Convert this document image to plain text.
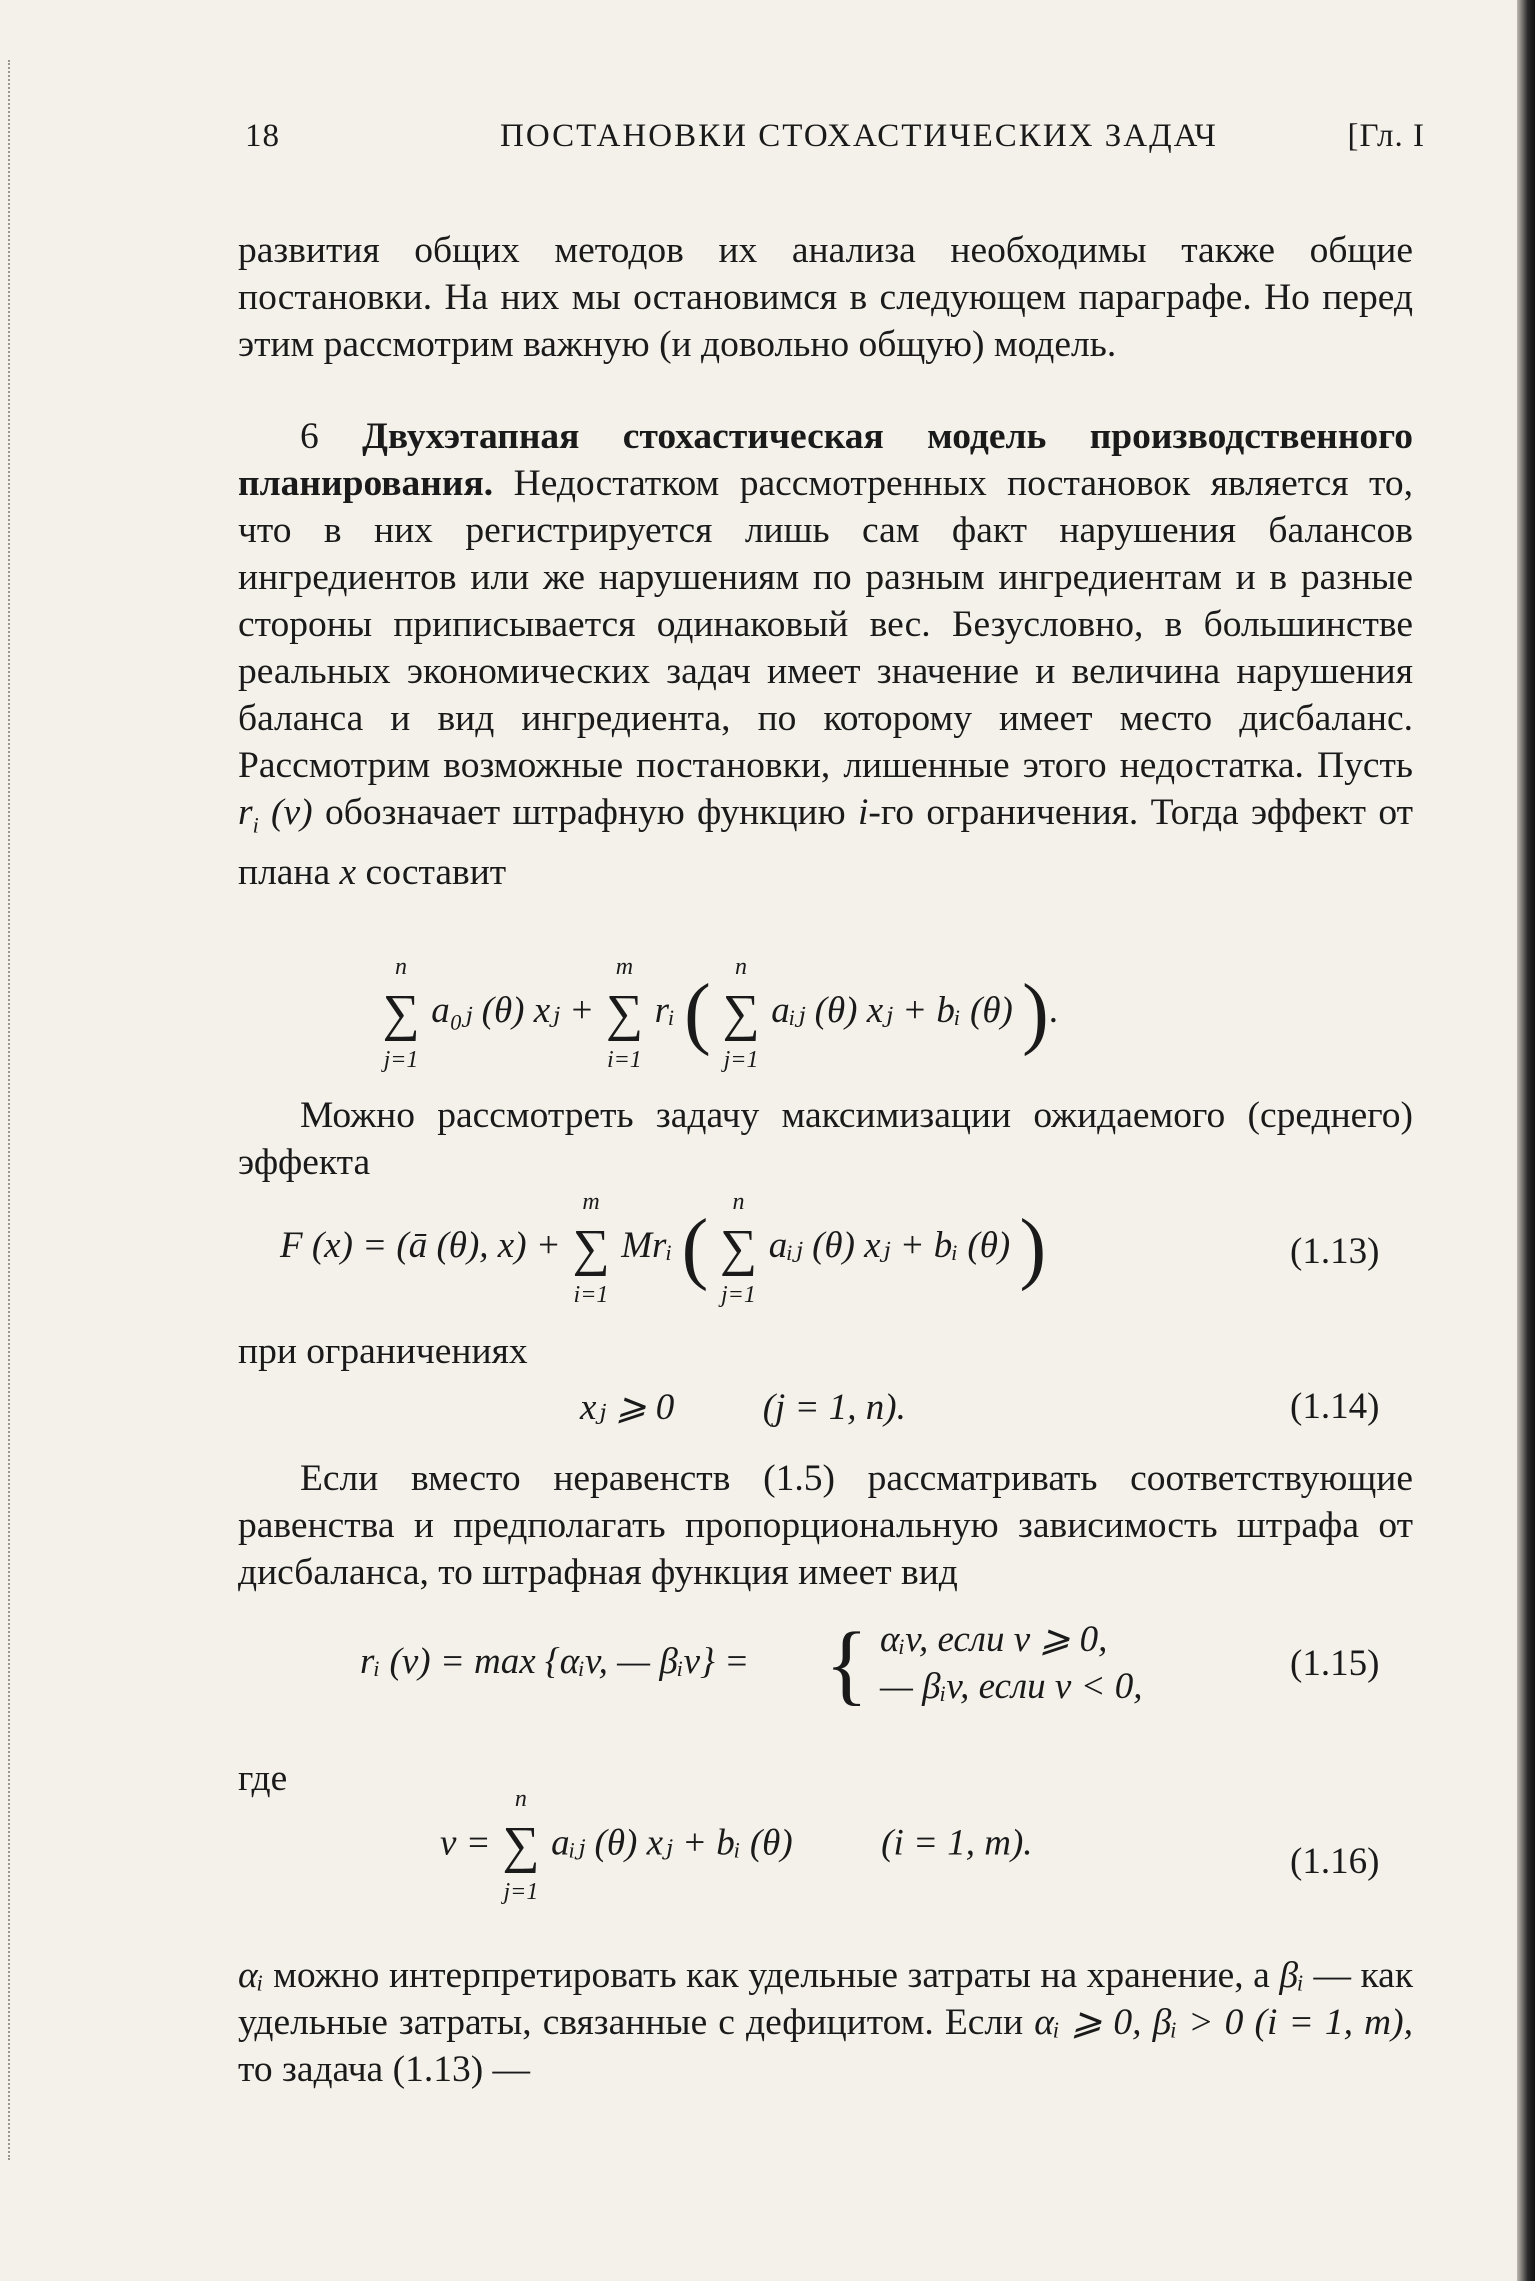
18	ПОСТАНОВКИ СТОХАСТИЧЕСКИХ ЗАДАЧ	[Гл. I

развития общих методов их анализа необходимы также общие постановки. На них мы остановимся в следующем параграфе. Но перед этим рассмотрим важную (и довольно общую) модель.

6 Двухэтапная стохастическая модель производственного планирования. Недостатком рассмотренных постановок является то, что в них регистрируется лишь сам факт нарушения балансов ингредиентов или же нарушениям по разным ингредиентам и в разные стороны приписывается одинаковый вес. Безусловно, в большинстве реальных экономических задач имеет значение и величина нарушения баланса и вид ингредиента, по которому имеет место дисбаланс. Рассмотрим возможные постановки, лишенные этого недостатка. Пусть $r_i$ (v) обозначает штрафную функцию i-го ограничения. Тогда эффект от плана x составит

n
∑
j=1
a₀ⱼ (θ) xⱼ +
m
∑
i=1
rᵢ (
n
∑
j=1
aᵢⱼ (θ) xⱼ + bᵢ (θ) ).

Можно рассмотреть задачу максимизации ожидаемого (среднего) эффекта

F (x) = (ā (θ), x) +
m
∑
i=1
Mrᵢ (
n
∑
j=1
aᵢⱼ (θ) xⱼ + bᵢ (θ) )	(1.13)

при ограничениях

xⱼ ⩾ 0 (j = 1, n).	(1.14)

Если вместо неравенств (1.5) рассматривать соответствующие равенства и предполагать пропорциональную зависимость штрафа от дисбаланса, то штрафная функция имеет вид

rᵢ (v) = max {αᵢv, — βᵢv} = { αᵢv, если v ⩾ 0,
— βᵢv, если v < 0,
(1.15)

где

v =
n
∑
j=1
aᵢⱼ (θ) xⱼ + bᵢ (θ) (i = 1, m).	(1.16)

αᵢ можно интерпретировать как удельные затраты на хранение, а βᵢ — как удельные затраты, связанные с дефицитом. Если αᵢ ⩾ 0, βᵢ > 0 (i = 1, m), то задача (1.13) —
